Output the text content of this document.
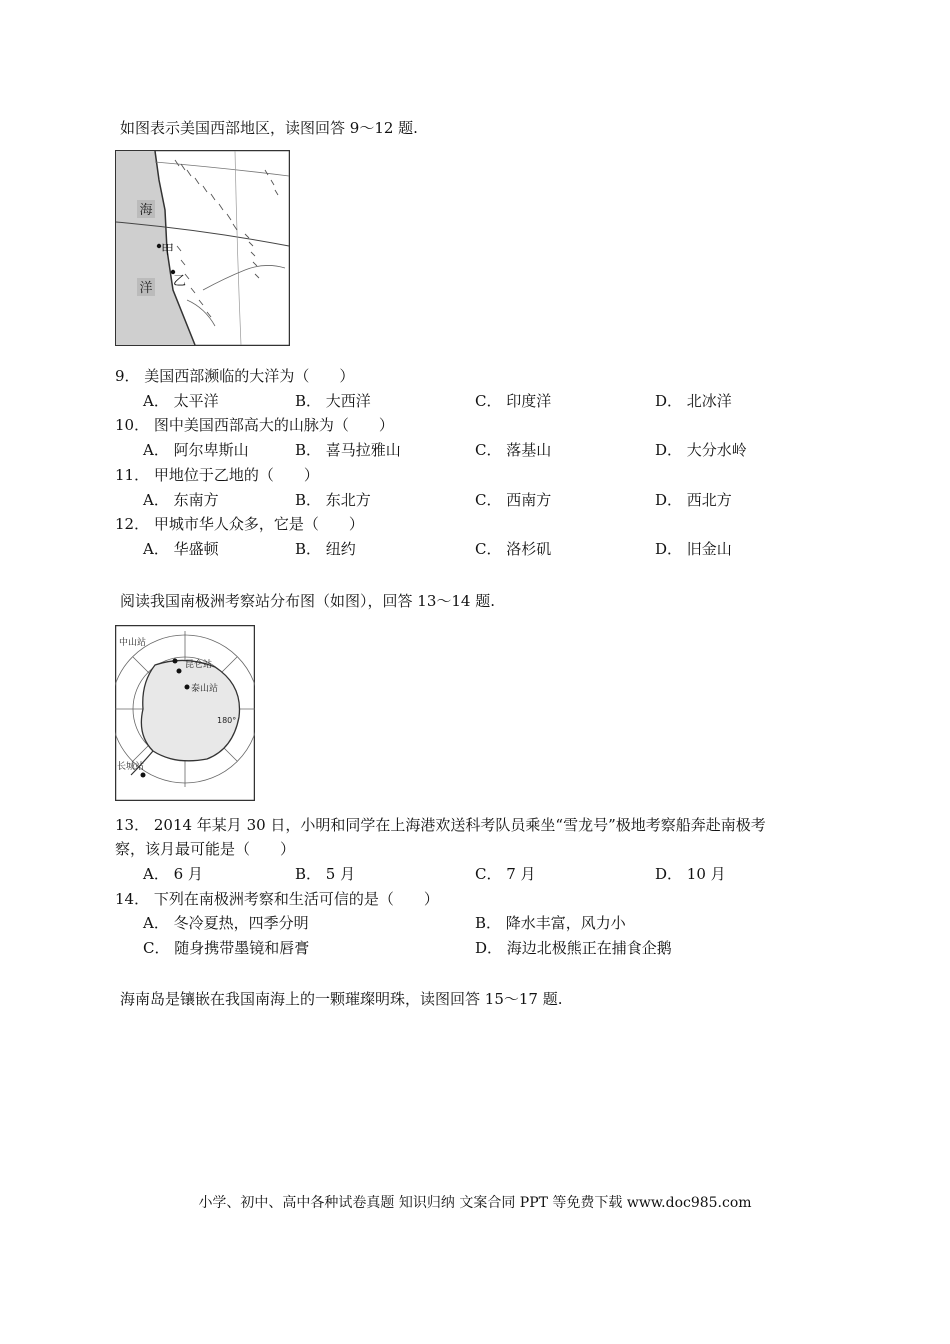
如图表示美国西部地区，读图回答 9～12 题.
海
洋
甲
乙
9． 美国西部濒临的大洋为（　　）
A． 太平洋	B． 大西洋	C． 印度洋	D． 北冰洋
10． 图中美国西部高大的山脉为（　　）
A． 阿尔卑斯山	B． 喜马拉雅山	C． 落基山	D． 大分水岭
11． 甲地位于乙地的（　　）
A． 东南方	B． 东北方	C． 西南方	D． 西北方
12． 甲城市华人众多，它是（　　）
A． 华盛顿	B． 纽约	C． 洛杉矶	D． 旧金山
阅读我国南极洲考察站分布图（如图），回答 13～14 题.
中山站
昆仑站
泰山站
长城站
180°
13． 2014 年某月 30 日，小明和同学在上海港欢送科考队员乘坐“雪龙号”极地考察船奔赴南极考
察，该月最可能是（　　）
A． 6 月	B． 5 月	C． 7 月	D． 10 月
14． 下列在南极洲考察和生活可信的是（　　）
A． 冬冷夏热，四季分明	B． 降水丰富，风力小
C． 随身携带墨镜和唇膏	D． 海边北极熊正在捕食企鹅
海南岛是镶嵌在我国南海上的一颗璀璨明珠，读图回答 15～17 题.
小学、初中、高中各种试卷真题 知识归纳 文案合同 PPT 等免费下载 www.doc985.com
